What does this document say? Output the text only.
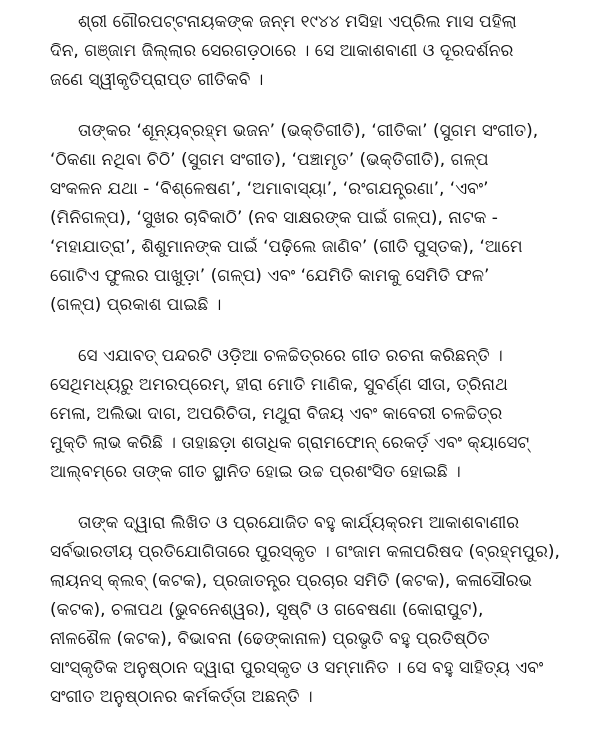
ଶ୍ରୀ ଗୌରପଟ୍ଟନାୟକଙ୍କ ଜନ୍ମ ୧୯୪୪ ମସିହା ଏପ୍ରିଲ ମାସ ପହିଲା
ଦିନ, ଗଞ୍ଜାମ ଜିଲ୍ଲାର ସେରଗଡ଼ଠାରେ । ସେ ଆକାଶବାଣୀ ଓ ଦୂରଦର୍ଶନର
ଜଣେ ସ୍ୱୀକୃତିପ୍ରାପ୍ତ ଗୀତିକବି ।

ତାଙ୍କର ‘ଶୂନ୍ୟବ୍ରହ୍ମ ଭଜନ’ (ଭକ୍ତିଗୀତି), ‘ଗୀତିକା’ (ସୁଗମ ସଂଗୀତ),
‘ଠିକଣା ନଥିବା ଚିଠି’ (ସୁଗମ ସଂଗୀତ), ‘ପଞ୍ଚାମୃତ’ (ଭକ୍ତିଗୀତି), ଗଳ୍ପ
ସଂକଳନ ଯଥା - ‘ବିଶ୍ଳେଷଣ’, ‘ଅମାବାସ୍ୟା’, ‘ରଂଗଯନ୍ତ୍ରଣା’, ‘ଏବଂ’
(ମିନିଗଳ୍ପ), ‘ସୁଖର ଚାବିକାଠି’ (ନବ ସାକ୍ଷରଙ୍କ ପାଇଁ ଗଳ୍ପ), ନାଟକ -
‘ମହାଯାତ୍ରା’, ଶିଶୁମାନଙ୍କ ପାଇଁ ‘ପଢ଼ିଲେ ଜାଣିବ’ (ଗୀତି ପୁସ୍ତକ), ‘ଆମେ
ଗୋଟିଏ ଫୁଲର ପାଖୁଡ଼ା’ (ଗଳ୍ପ) ଏବଂ ‘ଯେମିତି କାମକୁ ସେମିତି ଫଳ’
(ଗଳ୍ପ) ପ୍ରକାଶ ପାଇଛି ।

ସେ ଏଯାବତ୍ ପନ୍ଦରଟି ଓଡ଼ିଆ ଚଳଚ୍ଚିତ୍ରରେ ଗୀତ ରଚନା କରିଛନ୍ତି ।
ସେଥିମଧ୍ୟରୁ ଅମରପ୍ରେମ୍, ହୀରା ମୋତି ମାଣିକ, ସୁବର୍ଣ୍ଣ ସୀତା, ତ୍ରିନାଥ
ମେଳା, ଅଲିଭା ଦାଗ, ଅପରିଚିତା, ମଥୁରା ବିଜୟ ଏବଂ କାବେରୀ ଚଳଚ୍ଚିତ୍ର
ମୁକ୍ତି ଲାଭ କରିଛି । ତାହାଛଡ଼ା ଶତାଧିକ ଗ୍ରାମଫୋନ୍ ରେକର୍ଡ଼ ଏବଂ କ୍ୟାସେଟ୍
ଆଲ୍‌ବମ୍‌ରେ ତାଙ୍କ ଗୀତ ସ୍ଥାନିତ ହୋଇ ଉଚ୍ଚ ପ୍ରଶଂସିତ ହୋଇଛି ।

ତାଙ୍କ ଦ୍ୱାରା ଲିଖିତ ଓ ପ୍ରଯୋଜିତ ବହୁ କାର୍ଯ୍ୟକ୍ରମ ଆକାଶବାଣୀର
ସର୍ବଭାରତୀୟ ପ୍ରତିଯୋଗିତାରେ ପୁରସ୍କୃତ । ଗଂଜାମ କଳାପରିଷଦ (ବ୍ରହ୍ମପୁର),
ଲାୟନସ୍ କ୍ଲବ୍ (କଟକ), ପ୍ରଜାତନ୍ତ୍ର ପ୍ରଚାର ସମିତି (କଟକ), କଳାସୌରଭ
(କଟକ), ଚଳାପଥ (ଭୁବନେଶ୍ୱର), ସୃଷ୍ଟି ଓ ଗବେଷଣା (କୋରାପୁଟ),
ନୀଳଶୈଳ (କଟକ), ବିଭାବନା (ଢେଙ୍କାନାଳ) ପ୍ରଭୃତି ବହୁ ପ୍ରତିଷ୍ଠିତ
ସାଂସ୍କୃତିକ ଅନୁଷ୍ଠାନ ଦ୍ୱାରା ପୁରସ୍କୃତ ଓ ସମ୍ମାନିତ । ସେ ବହୁ ସାହିତ୍ୟ ଏବଂ
ସଂଗୀତ ଅନୁଷ୍ଠାନର କର୍ମକର୍ତ୍ତା ଅଛନ୍ତି ।
